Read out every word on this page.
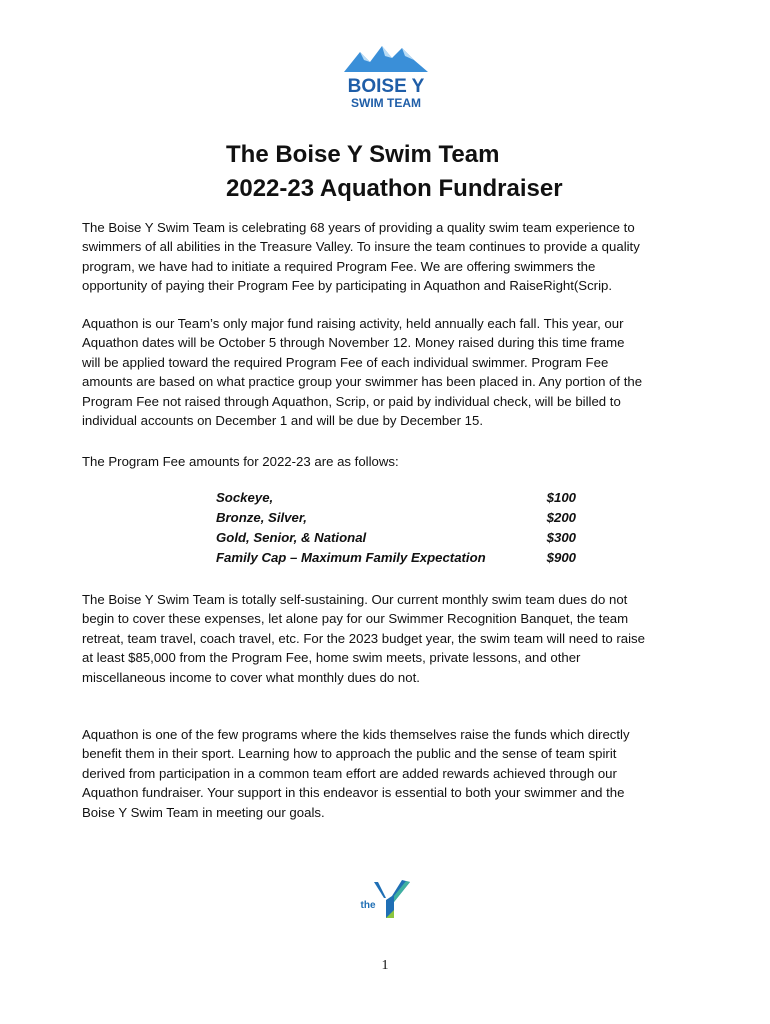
BOISE Y
SWIM TEAM
The Boise Y Swim Team
2022-23 Aquathon Fundraiser
The Boise Y Swim Team is celebrating 68 years of providing a quality swim team experience to
swimmers of all abilities in the Treasure Valley. To insure the team continues to provide a quality
program, we have had to initiate a required Program Fee. We are offering swimmers the
opportunity of paying their Program Fee by participating in Aquathon and RaiseRight(Scrip.
Aquathon is our Team’s only major fund raising activity, held annually each fall. This year, our
Aquathon dates will be October 5 through November 12. Money raised during this time frame
will be applied toward the required Program Fee of each individual swimmer. Program Fee
amounts are based on what practice group your swimmer has been placed in. Any portion of the
Program Fee not raised through Aquathon, Scrip, or paid by individual check, will be billed to
individual accounts on December 1 and will be due by December 15.
The Program Fee amounts for 2022-23 are as follows:
Sockeye,	$100
Bronze, Silver,	$200
Gold, Senior, & National	$300
Family Cap – Maximum Family Expectation	$900
The Boise Y Swim Team is totally self-sustaining. Our current monthly swim team dues do not
begin to cover these expenses, let alone pay for our Swimmer Recognition Banquet, the team
retreat, team travel, coach travel, etc. For the 2023 budget year, the swim team will need to raise
at least $85,000 from the Program Fee, home swim meets, private lessons, and other
miscellaneous income to cover what monthly dues do not.
Aquathon is one of the few programs where the kids themselves raise the funds which directly
benefit them in their sport. Learning how to approach the public and the sense of team spirit
derived from participation in a common team effort are added rewards achieved through our
Aquathon fundraiser. Your support in this endeavor is essential to both your swimmer and the
Boise Y Swim Team in meeting our goals.
the
1
